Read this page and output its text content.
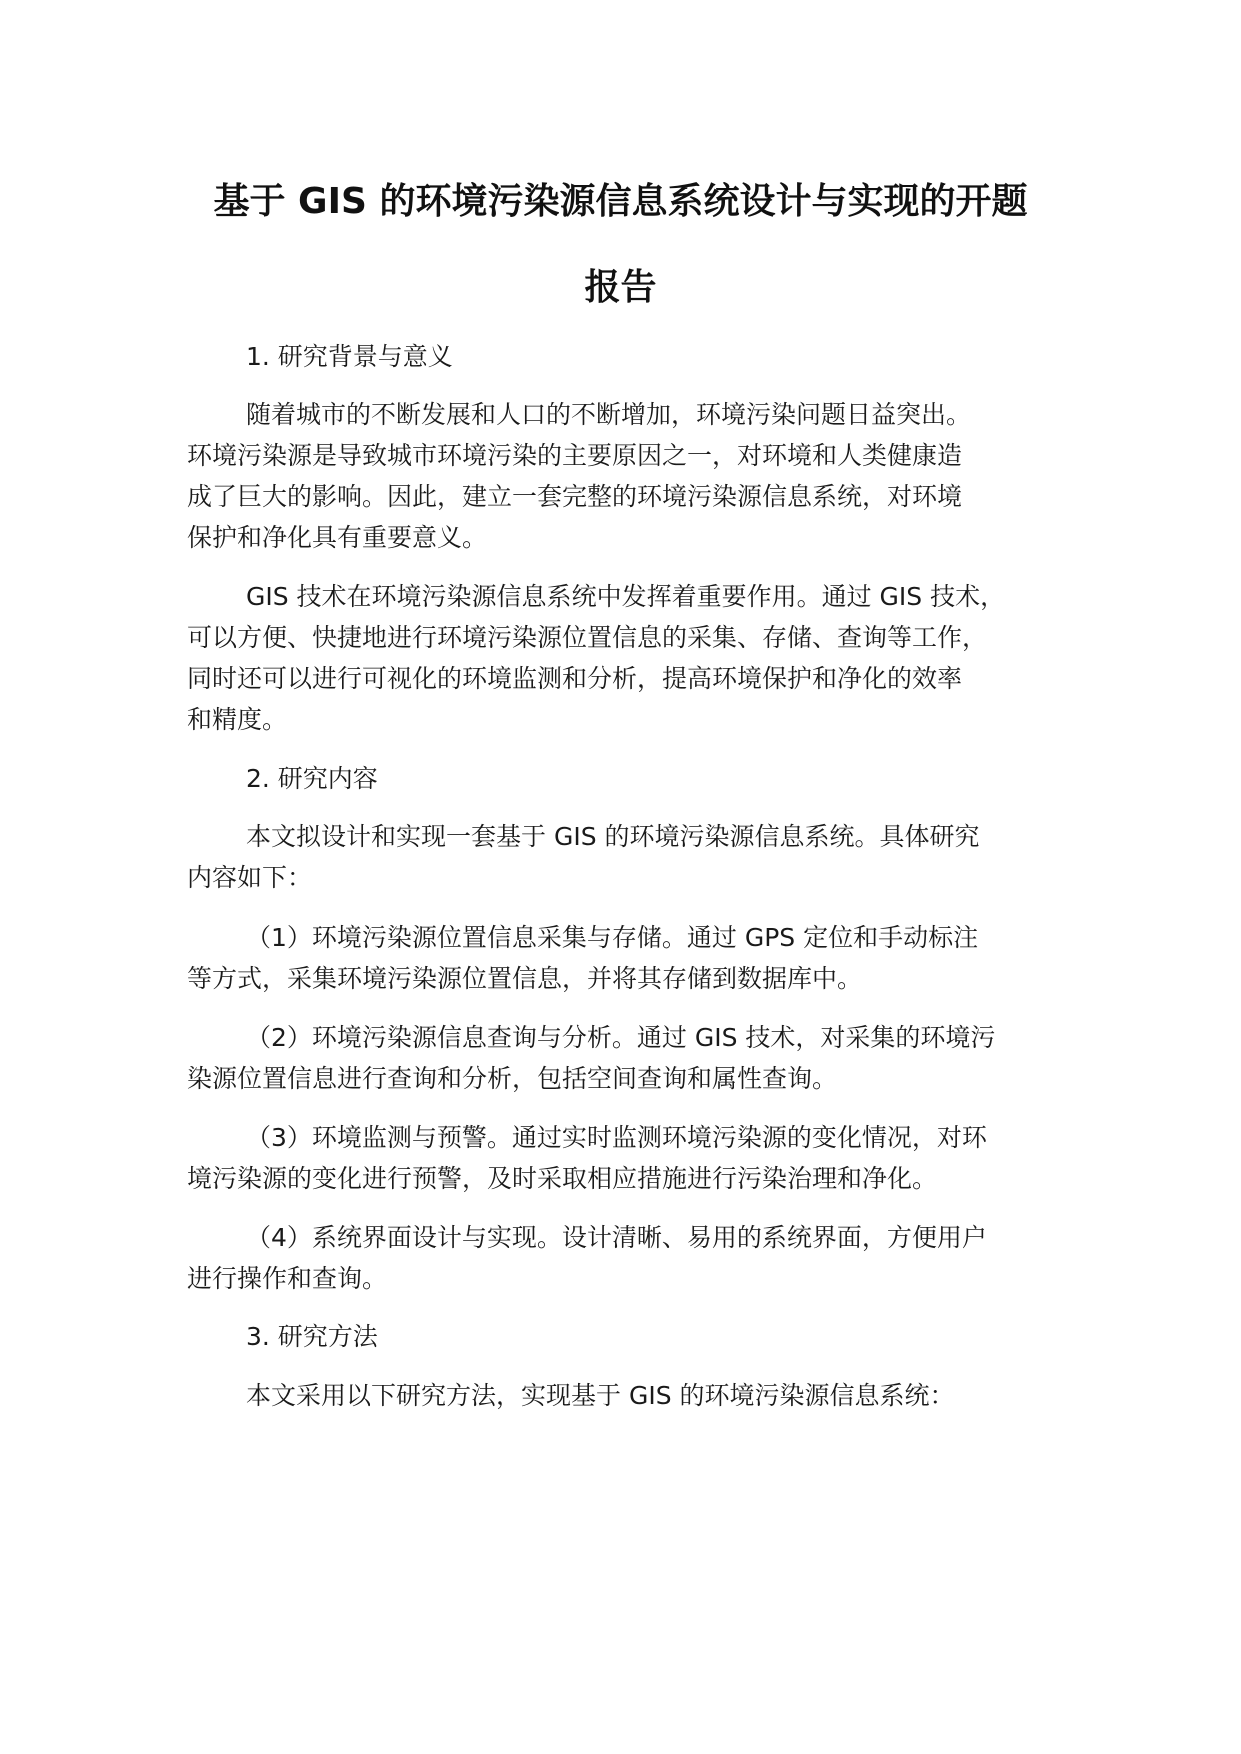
基于 GIS 的环境污染源信息系统设计与实现的开题
报告
1. 研究背景与意义
随着城市的不断发展和人口的不断增加，环境污染问题日益突出。
环境污染源是导致城市环境污染的主要原因之一，对环境和人类健康造
成了巨大的影响。因此，建立一套完整的环境污染源信息系统，对环境
保护和净化具有重要意义。
GIS 技术在环境污染源信息系统中发挥着重要作用。通过 GIS 技术，
可以方便、快捷地进行环境污染源位置信息的采集、存储、查询等工作，
同时还可以进行可视化的环境监测和分析，提高环境保护和净化的效率
和精度。
2. 研究内容
本文拟设计和实现一套基于 GIS 的环境污染源信息系统。具体研究
内容如下：
（1）环境污染源位置信息采集与存储。通过 GPS 定位和手动标注
等方式，采集环境污染源位置信息，并将其存储到数据库中。
（2）环境污染源信息查询与分析。通过 GIS 技术，对采集的环境污
染源位置信息进行查询和分析，包括空间查询和属性查询。
（3）环境监测与预警。通过实时监测环境污染源的变化情况，对环
境污染源的变化进行预警，及时采取相应措施进行污染治理和净化。
（4）系统界面设计与实现。设计清晰、易用的系统界面，方便用户
进行操作和查询。
3. 研究方法
本文采用以下研究方法，实现基于 GIS 的环境污染源信息系统：
